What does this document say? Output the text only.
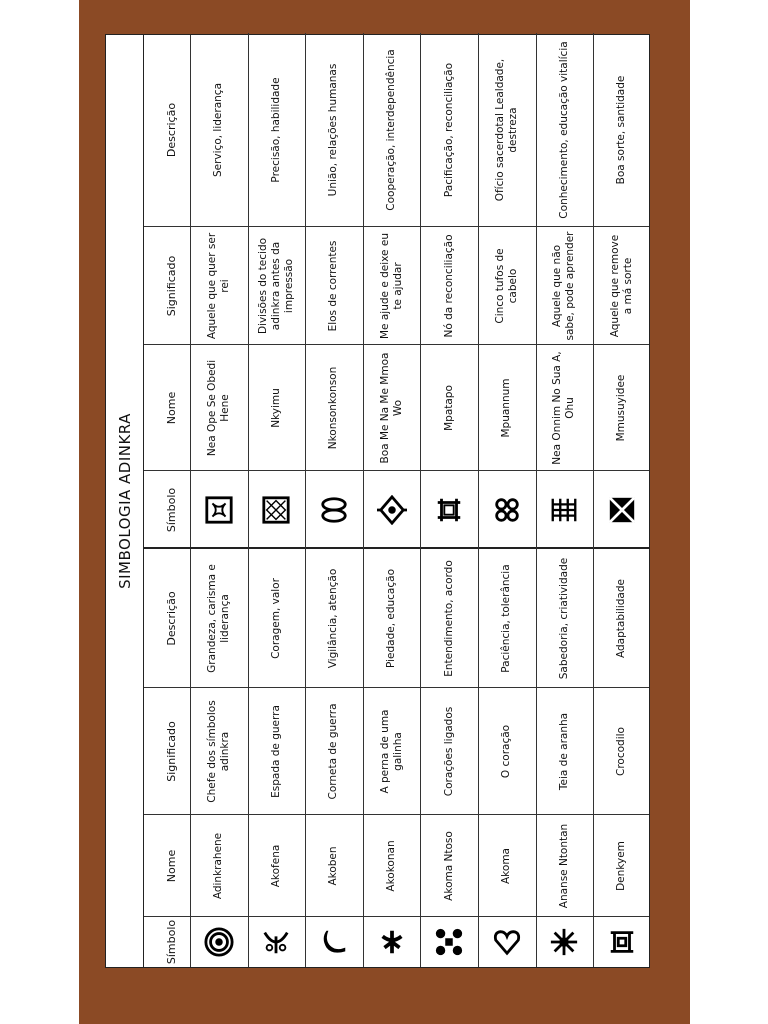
SIMBOLOGIA ADINKRA
Símbolo
Nome
Significado
Descrição
Símbolo
Nome
Significado
Descrição
Adinkrahene
Chefe dos símbolos adinkra
Grandeza, carisma e liderança
Akofena
Espada de guerra
Coragem, valor
Akoben
Corneta de guerra
Vigilância, atenção
Akokonan
A perna de uma galinha
Piedade, educação
Akoma Ntoso
Corações ligados
Entendimento, acordo
Akoma
O coração
Paciência, tolerância
Ananse Ntontan
Teia de aranha
Sabedoria, criatividade
Denkyem
Crocodilo
Adaptabilidade
Nea Ope Se Obedi Hene
Aquele que quer ser rei
Serviço, liderança
Nkyimu
Divisões do tecido adinkra antes da impressão
Precisão, habilidade
Nkonsonkonson
Elos de correntes
União, relações humanas
Boa Me Na Me Mmoa Wo
Me ajude e deixe eu te ajudar
Cooperação, interdependência
Mpatapo
Nó da reconciliação
Pacificação, reconciliação
Mpuannum
Cinco tufos de cabelo
Ofício sacerdotal Lealdade, destreza
Nea Onnim No Sua A, Ohu
Aquele que não sabe, pode aprender
Conhecimento, educação vitalícia
Mmusuyidee
Aquele que remove a má sorte
Boa sorte, santidade
